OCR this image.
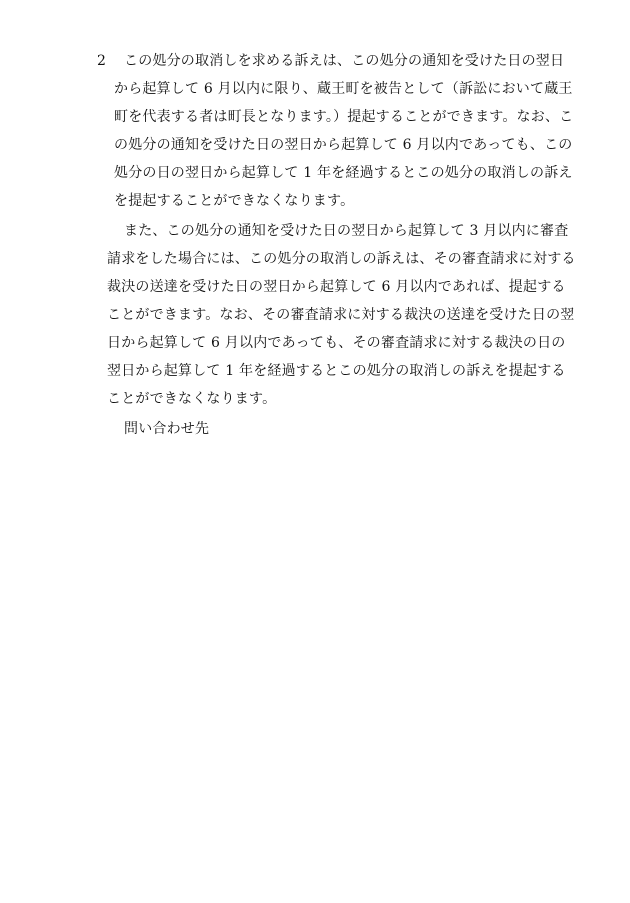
2 この処分の取消しを求める訴えは、この処分の通知を受けた日の翌日
から起算して 6 月以内に限り、蔵王町を被告として（訴訟において蔵王
町を代表する者は町長となります。）提起することができます。なお、こ
の処分の通知を受けた日の翌日から起算して 6 月以内であっても、この
処分の日の翌日から起算して 1 年を経過するとこの処分の取消しの訴え
を提起することができなくなります。
また、この処分の通知を受けた日の翌日から起算して 3 月以内に審査
請求をした場合には、この処分の取消しの訴えは、その審査請求に対する
裁決の送達を受けた日の翌日から起算して 6 月以内であれば、提起する
ことができます。なお、その審査請求に対する裁決の送達を受けた日の翌
日から起算して 6 月以内であっても、その審査請求に対する裁決の日の
翌日から起算して 1 年を経過するとこの処分の取消しの訴えを提起する
ことができなくなります。
問い合わせ先
